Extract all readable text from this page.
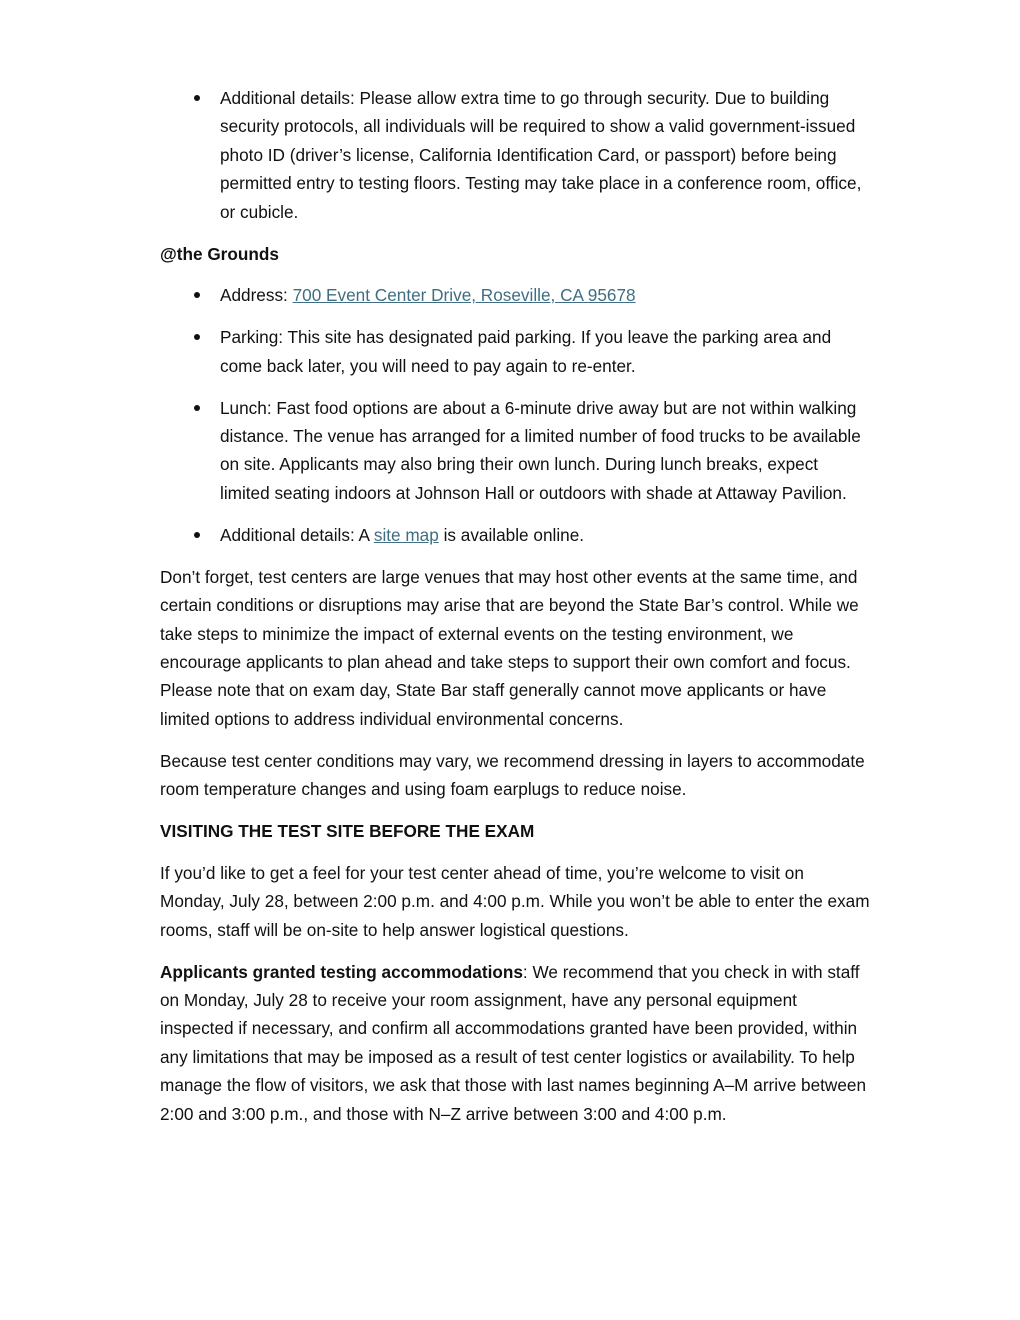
Additional details: Please allow extra time to go through security. Due to building security protocols, all individuals will be required to show a valid government-issued photo ID (driver’s license, California Identification Card, or passport) before being permitted entry to testing floors. Testing may take place in a conference room, office, or cubicle.
@the Grounds
Address: 700 Event Center Drive, Roseville, CA 95678
Parking: This site has designated paid parking. If you leave the parking area and come back later, you will need to pay again to re-enter.
Lunch: Fast food options are about a 6-minute drive away but are not within walking distance. The venue has arranged for a limited number of food trucks to be available on site. Applicants may also bring their own lunch. During lunch breaks, expect limited seating indoors at Johnson Hall or outdoors with shade at Attaway Pavilion.
Additional details: A site map is available online.

Don’t forget, test centers are large venues that may host other events at the same time, and certain conditions or disruptions may arise that are beyond the State Bar’s control. While we take steps to minimize the impact of external events on the testing environment, we encourage applicants to plan ahead and take steps to support their own comfort and focus. Please note that on exam day, State Bar staff generally cannot move applicants or have limited options to address individual environmental concerns.

Because test center conditions may vary, we recommend dressing in layers to accommodate room temperature changes and using foam earplugs to reduce noise.

VISITING THE TEST SITE BEFORE THE EXAM

If you’d like to get a feel for your test center ahead of time, you’re welcome to visit on Monday, July 28, between 2:00 p.m. and 4:00 p.m. While you won’t be able to enter the exam rooms, staff will be on-site to help answer logistical questions.

Applicants granted testing accommodations: We recommend that you check in with staff on Monday, July 28 to receive your room assignment, have any personal equipment inspected if necessary, and confirm all accommodations granted have been provided, within any limitations that may be imposed as a result of test center logistics or availability. To help manage the flow of visitors, we ask that those with last names beginning A–M arrive between 2:00 and 3:00 p.m., and those with N–Z arrive between 3:00 and 4:00 p.m.
